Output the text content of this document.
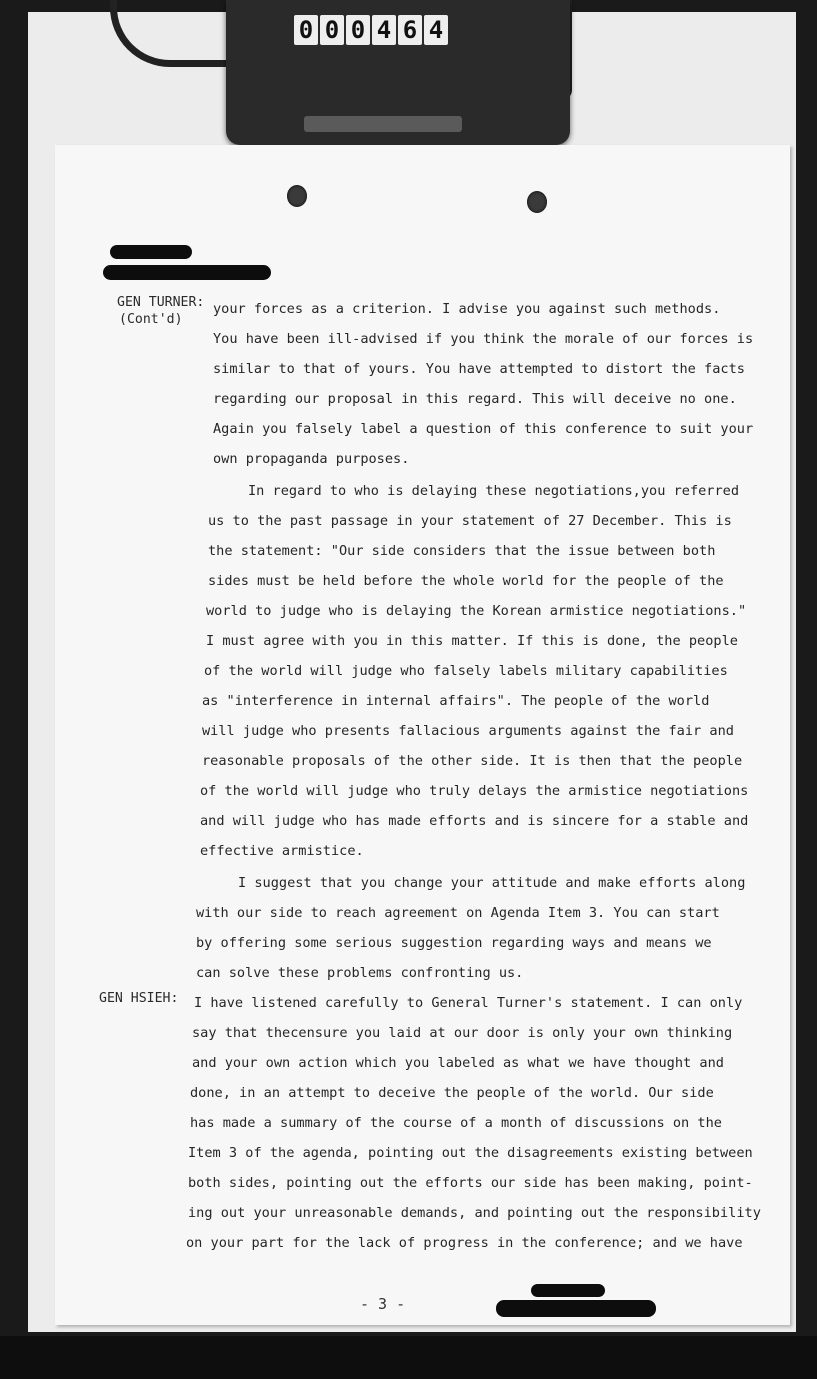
0 0 0 4 6 4
GEN TURNER:
(Cont'd)
GEN HSIEH:
your forces as a criterion. I advise you against such methods.
You have been ill-advised if you think the morale of our forces is
similar to that of yours. You have attempted to distort the facts
regarding our proposal in this regard. This will deceive no one.
Again you falsely label a question of this conference to suit your
own propaganda purposes.
In regard to who is delaying these negotiations,you referred
us to the past passage in your statement of 27 December. This is
the statement: "Our side considers that the issue between both
sides must be held before the whole world for the people of the
world to judge who is delaying the Korean armistice negotiations."
I must agree with you in this matter. If this is done, the people
of the world will judge who falsely labels military capabilities
as "interference in internal affairs". The people of the world
will judge who presents fallacious arguments against the fair and
reasonable proposals of the other side. It is then that the people
of the world will judge who truly delays the armistice negotiations
and will judge who has made efforts and is sincere for a stable and
effective armistice.
I suggest that you change your attitude and make efforts along
with our side to reach agreement on Agenda Item 3. You can start
by offering some serious suggestion regarding ways and means we
can solve these problems confronting us.
I have listened carefully to General Turner's statement. I can only
say that thecensure you laid at our door is only your own thinking
and your own action which you labeled as what we have thought and
done, in an attempt to deceive the people of the world. Our side
has made a summary of the course of a month of discussions on the
Item 3 of the agenda, pointing out the disagreements existing between
both sides, pointing out the efforts our side has been making, point-
ing out your unreasonable demands, and pointing out the responsibility
on your part for the lack of progress in the conference; and we have
- 3 -
